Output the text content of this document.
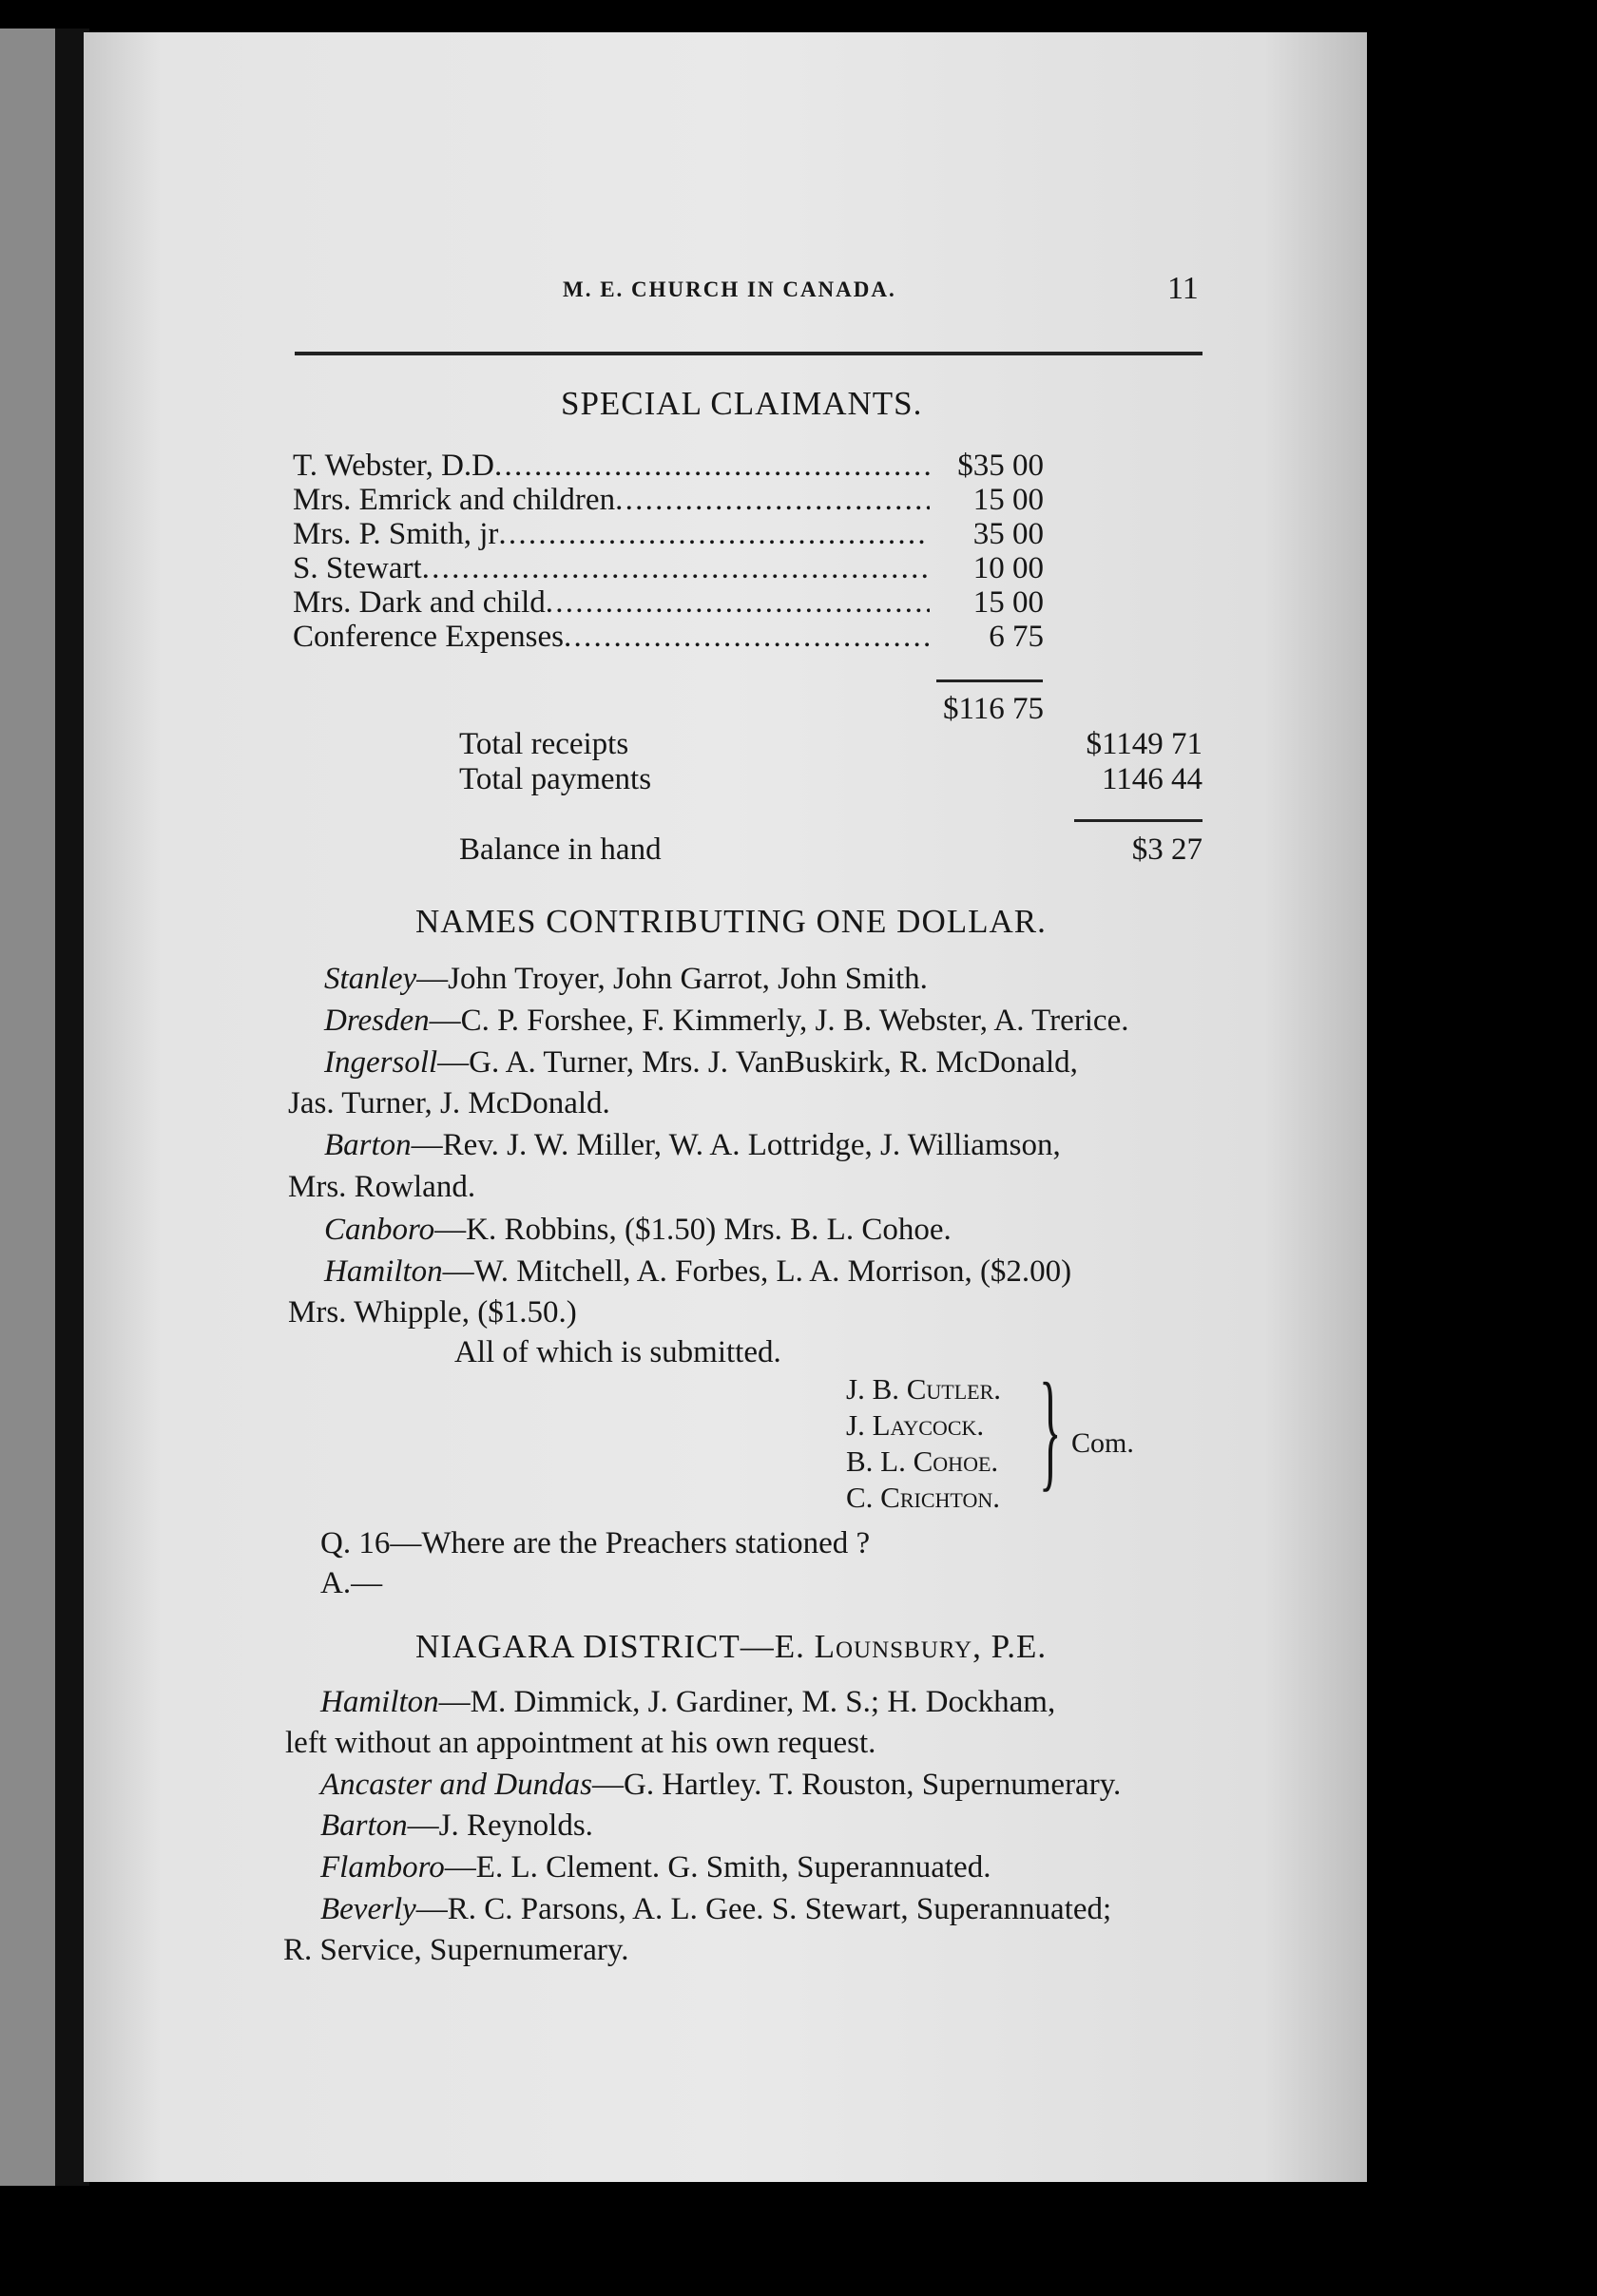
M. E. CHURCH IN CANADA.	11
SPECIAL CLAIMANTS.
T. Webster, D.D . . .	$35 00
Mrs. Emrick and children . . .	15 00
Mrs. P. Smith, jr . . .	35 00
S. Stewart . . .	10 00
Mrs. Dark and child . . .	15 00
Conference Expenses . . .	6 75
$116 75
Total receipts	$1149 71
Total payments	1146 44
Balance in hand	$3 27
NAMES CONTRIBUTING ONE DOLLAR.
Stanley—John Troyer, John Garrot, John Smith.
Dresden—C. P. Forshee, F. Kimmerly, J. B. Webster, A. Trerice.
Ingersoll—G. A. Turner, Mrs. J. VanBuskirk, R. McDonald,
Jas. Turner, J. McDonald.
Barton—Rev. J. W. Miller, W. A. Lottridge, J. Williamson,
Mrs. Rowland.
Canboro—K. Robbins, ($1.50) Mrs. B. L. Cohoe.
Hamilton—W. Mitchell, A. Forbes, L. A. Morrison, ($2.00)
Mrs. Whipple, ($1.50.)
All of which is submitted.
J. B. Cutler.
J. Laycock.
B. L. Cohoe.
C. Crichton. } Com.
Q. 16—Where are the Preachers stationed ?
A.—
NIAGARA DISTRICT—E. Lounsbury, P.E.
Hamilton—M. Dimmick, J. Gardiner, M. S.; H. Dockham,
left without an appointment at his own request.
Ancaster and Dundas—G. Hartley. T. Rouston, Supernumerary.
Barton—J. Reynolds.
Flamboro—E. L. Clement. G. Smith, Superannuated.
Beverly—R. C. Parsons, A. L. Gee. S. Stewart, Superannuated;
R. Service, Supernumerary.
